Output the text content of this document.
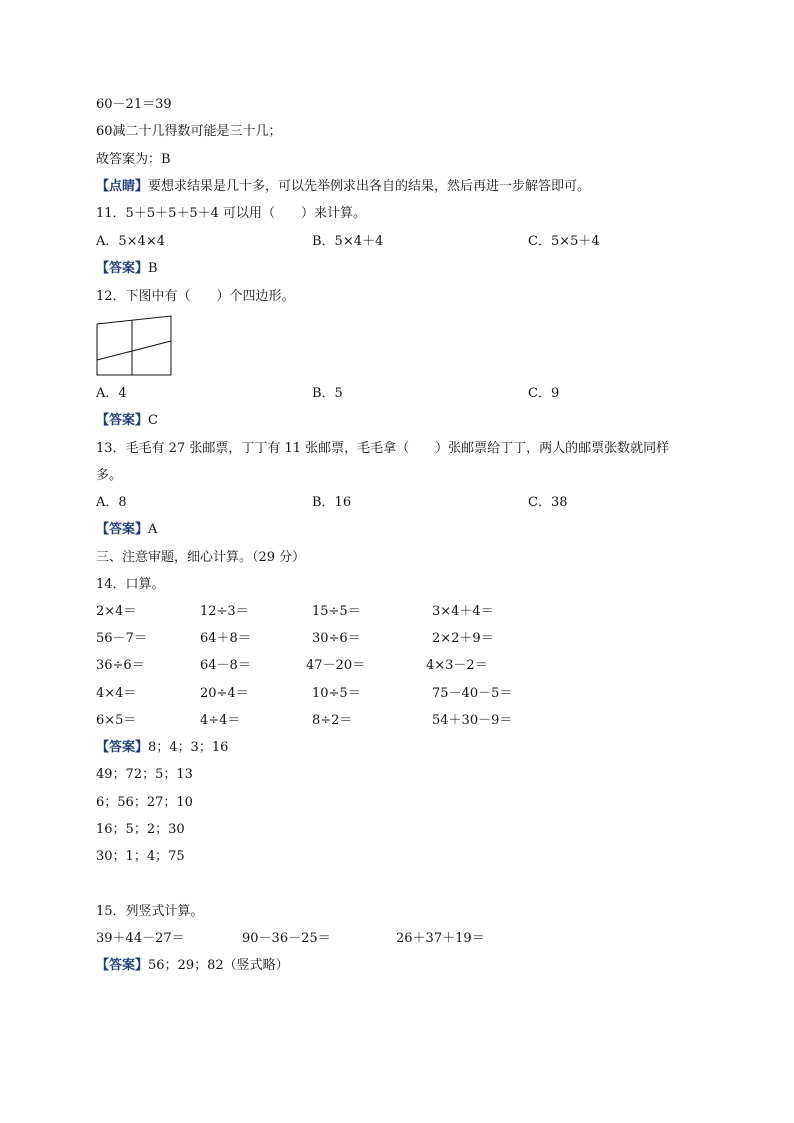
60－21＝39
60减二十几得数可能是三十几；
故答案为：B
【点睛】要想求结果是几十多，可以先举例求出各自的结果，然后再进一步解答即可。
11．5＋5＋5＋5＋4 可以用（　　）来计算。
A．5×4×4	B．5×4＋4	C．5×5＋4
【答案】B
12．下图中有（　　）个四边形。
A．4	B．5	C．9
【答案】C
13．毛毛有 27 张邮票，丁丁有 11 张邮票，毛毛拿（　　）张邮票给丁丁，两人的邮票张数就同样
多。
A．8	B．16	C．38
【答案】A
三、注意审题，细心计算。（29 分）
14．口算。
2×4＝	12÷3＝	15÷5＝	3×4＋4＝
56－7＝	64＋8＝	30÷6＝	2×2＋9＝
36÷6＝	64－8＝	47－20＝	4×3－2＝
4×4＝	20÷4＝	10÷5＝	75－40－5＝
6×5＝	4÷4＝	8÷2＝	54＋30－9＝
【答案】8；4；3；16
49；72；5；13
6；56；27；10
16；5；2；30
30；1；4；75
15．列竖式计算。
39＋44－27＝	90－36－25＝	26＋37＋19＝
【答案】56；29；82（竖式略）
